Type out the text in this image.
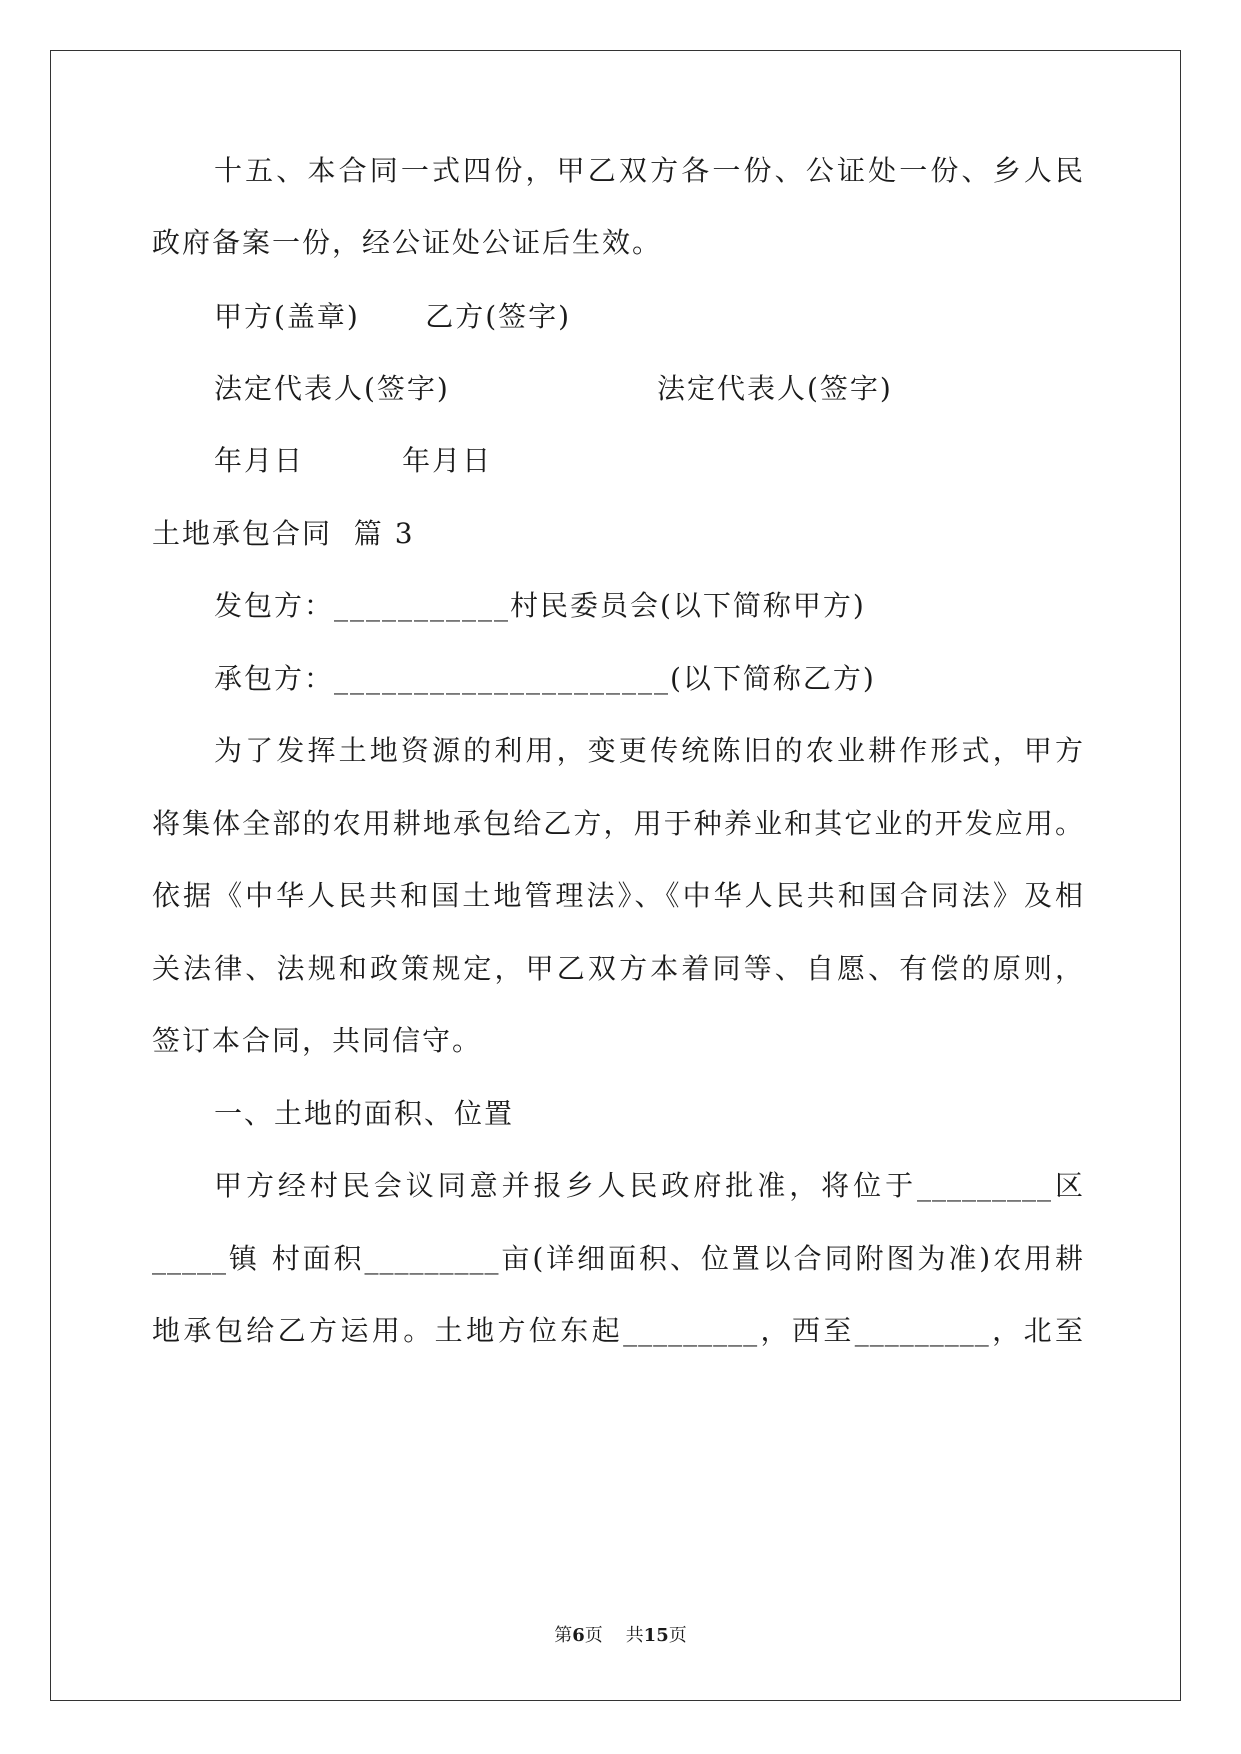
十五、本合同一式四份，甲乙双方各一份、公证处一份、乡人民
政府备案一份，经公证处公证后生效。
甲方(盖章)      乙方(签字)
法定代表人(签字)                   法定代表人(签字)
年月日         年月日
土地承包合同  篇 3
发包方：___________村民委员会(以下简称甲方)
承包方：_____________________(以下简称乙方)
为了发挥土地资源的利用，变更传统陈旧的农业耕作形式，甲方
将集体全部的农用耕地承包给乙方，用于种养业和其它业的开发应用。
依据《中华人民共和国土地管理法》、《中华人民共和国合同法》及相
关法律、法规和政策规定，甲乙双方本着同等、自愿、有偿的原则，
签订本合同，共同信守。
一、土地的面积、位置
甲方经村民会议同意并报乡人民政府批准，将位于_________区
_____镇 村面积_________亩(详细面积、位置以合同附图为准)农用耕
地承包给乙方运用。土地方位东起_________，西至_________，北至
第6页    共15页
